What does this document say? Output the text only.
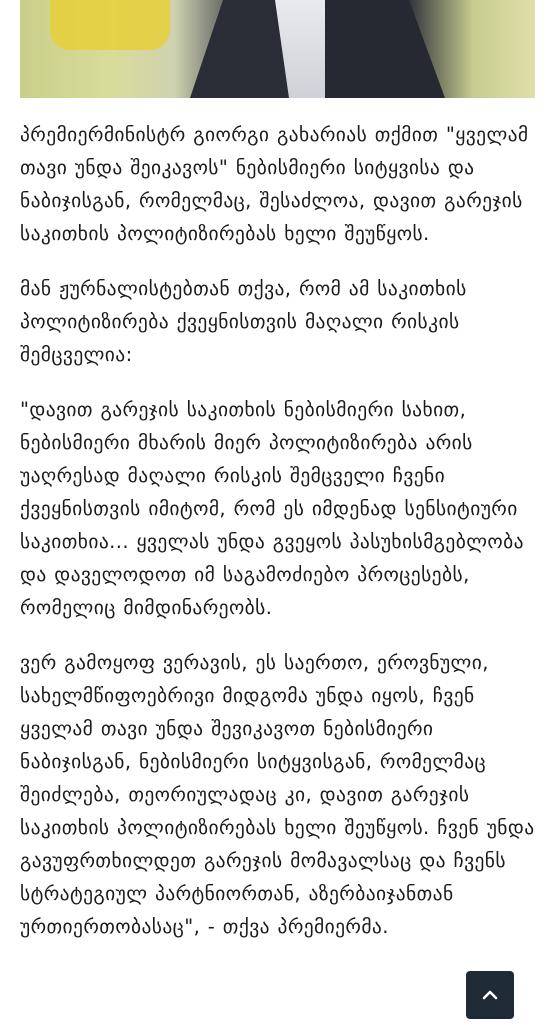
პრემიერმინისტრ გიორგი გახარიას თქმით "ყველამ თავი უნდა შეიკავოს" ნებისმიერი სიტყვისა და ნაბიჯისგან, რომელმაც, შესაძლოა, დავით გარეჯის საკითხის პოლიტიზირებას ხელი შეუწყოს.

მან ჟურნალისტებთან თქვა, რომ ამ საკითხის პოლიტიზირება ქვეყნისთვის მაღალი რისკის შემცველია:

"დავით გარეჯის საკითხის ნებისმიერი სახით, ნებისმიერი მხარის მიერ პოლიტიზირება არის უაღრესად მაღალი რისკის შემცველი ჩვენი ქვეყნისთვის იმიტომ, რომ ეს იმდენად სენსიტიური საკითხია... ყველას უნდა გვეყოს პასუხისმგებლობა და დაველოდოთ იმ საგამოძიებო პროცესებს, რომელიც მიმდინარეობს.

ვერ გამოყოფ ვერავის, ეს საერთო, ეროვნული, სახელმწიფოებრივი მიდგომა უნდა იყოს, ჩვენ ყველამ თავი უნდა შევიკავოთ ნებისმიერი ნაბიჯისგან, ნებისმიერი სიტყვისგან, რომელმაც შეიძლება, თეორიულადაც კი, დავით გარეჯის საკითხის პოლიტიზირებას ხელი შეუწყოს. ჩვენ უნდა გავუფრთხილდეთ გარეჯის მომავალსაც და ჩვენს სტრატეგიულ პარტნიორთან, აზერბაიჯანთან ურთიერთობასაც", - თქვა პრემიერმა.
